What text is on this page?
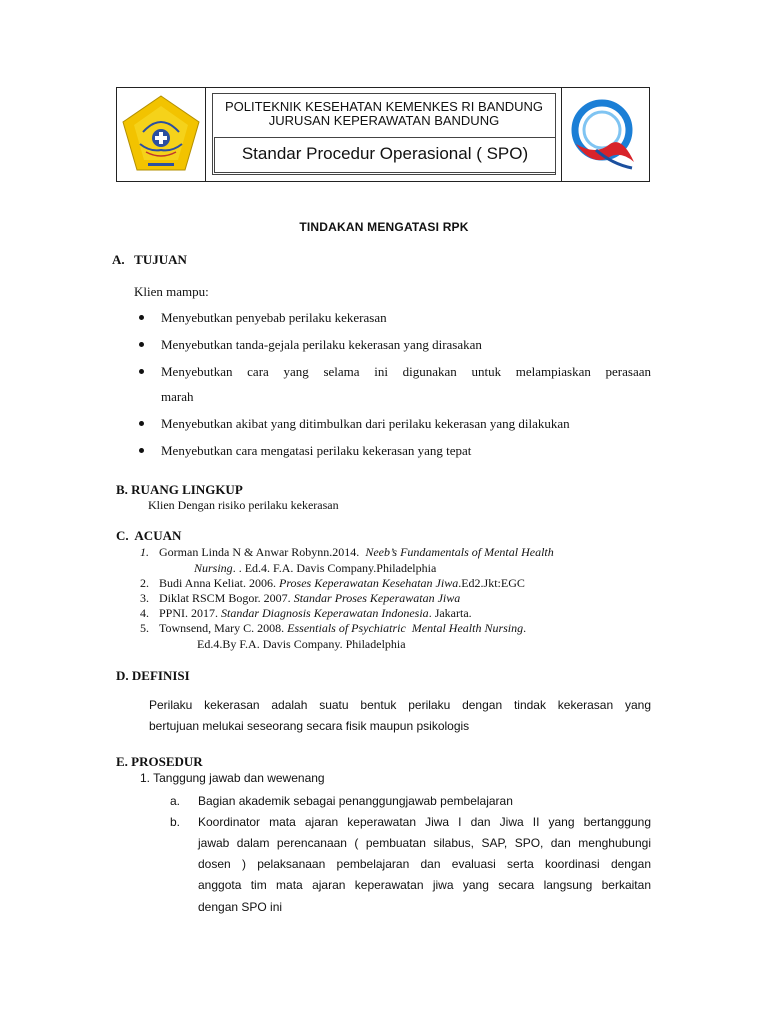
POLITEKNIK KESEHATAN KEMENKES RI BANDUNG
JURUSAN KEPERAWATAN BANDUNG
Standar Procedur Operasional ( SPO)
TINDAKAN MENGATASI RPK
A.   TUJUAN
Klien mampu:
Menyebutkan penyebab perilaku kekerasan
Menyebutkan tanda-gejala perilaku kekerasan yang dirasakan
Menyebutkan cara yang selama ini digunakan untuk melampiaskan perasaan
marah
Menyebutkan akibat yang ditimbulkan dari perilaku kekerasan yang dilakukan
Menyebutkan cara mengatasi perilaku kekerasan yang tepat
B. RUANG LINGKUP
Klien Dengan risiko perilaku kekerasan
C.  ACUAN
1. Gorman Linda N & Anwar Robynn.2014. Neeb’s Fundamentals of Mental Health
Nursing. . Ed.4. F.A. Davis Company.Philadelphia
2. Budi Anna Keliat. 2006. Proses Keperawatan Kesehatan Jiwa.Ed2.Jkt:EGC
3. Diklat RSCM Bogor. 2007. Standar Proses Keperawatan Jiwa
4. PPNI. 2017. Standar Diagnosis Keperawatan Indonesia. Jakarta.
5. Townsend, Mary C. 2008. Essentials of Psychiatric  Mental Health Nursing.
Ed.4.By F.A. Davis Company. Philadelphia
D. DEFINISI
Perilaku kekerasan adalah suatu bentuk perilaku dengan tindak kekerasan yang
bertujuan melukai seseorang secara fisik maupun psikologis
E. PROSEDUR
1. Tanggung jawab dan wewenang
a. Bagian akademik sebagai penanggungjawab pembelajaran
b. Koordinator mata ajaran keperawatan Jiwa I dan Jiwa II yang bertanggung
jawab dalam perencanaan ( pembuatan silabus, SAP, SPO, dan menghubungi
dosen ) pelaksanaan pembelajaran dan evaluasi serta koordinasi dengan
anggota tim mata ajaran keperawatan jiwa yang secara langsung berkaitan
dengan SPO ini
